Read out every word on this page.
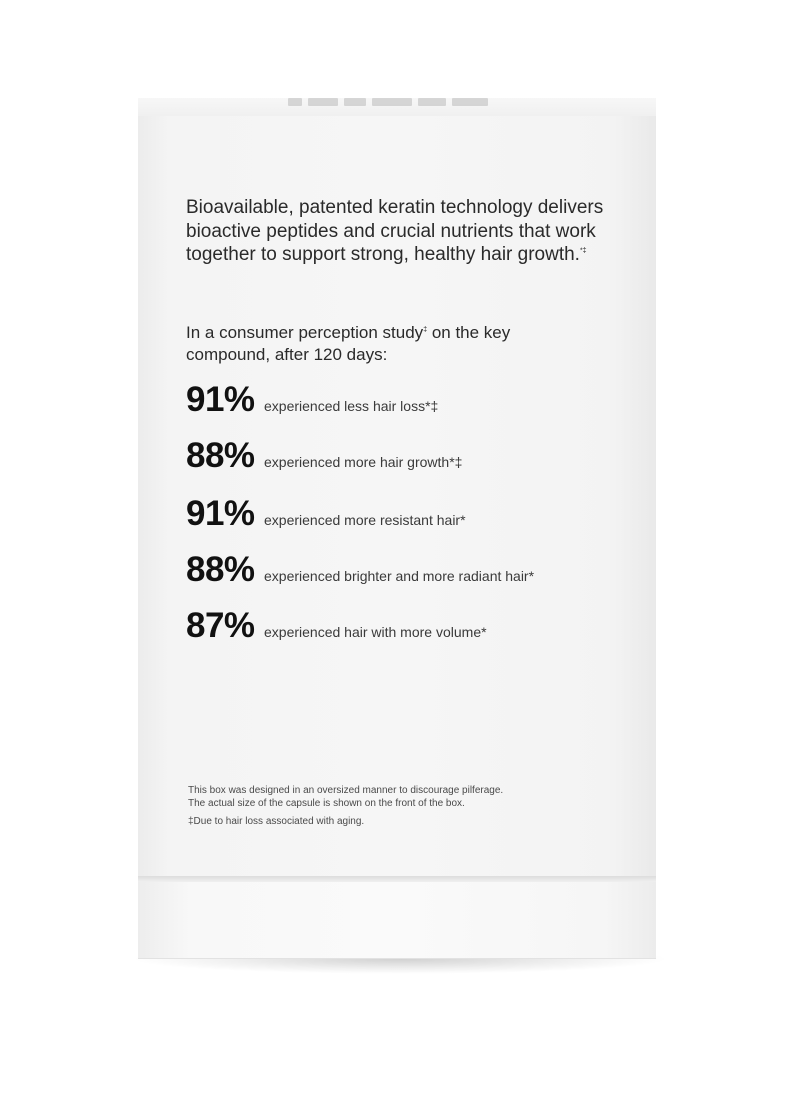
Bioavailable, patented keratin technology delivers bioactive peptides and crucial nutrients that work together to support strong, healthy hair growth.*‡

In a consumer perception study‡ on the key compound, after 120 days:

91% experienced less hair loss*‡
88% experienced more hair growth*‡
91% experienced more resistant hair*
88% experienced brighter and more radiant hair*
87% experienced hair with more volume*
This box was designed in an oversized manner to discourage pilferage.
The actual size of the capsule is shown on the front of the box.
‡Due to hair loss associated with aging.
